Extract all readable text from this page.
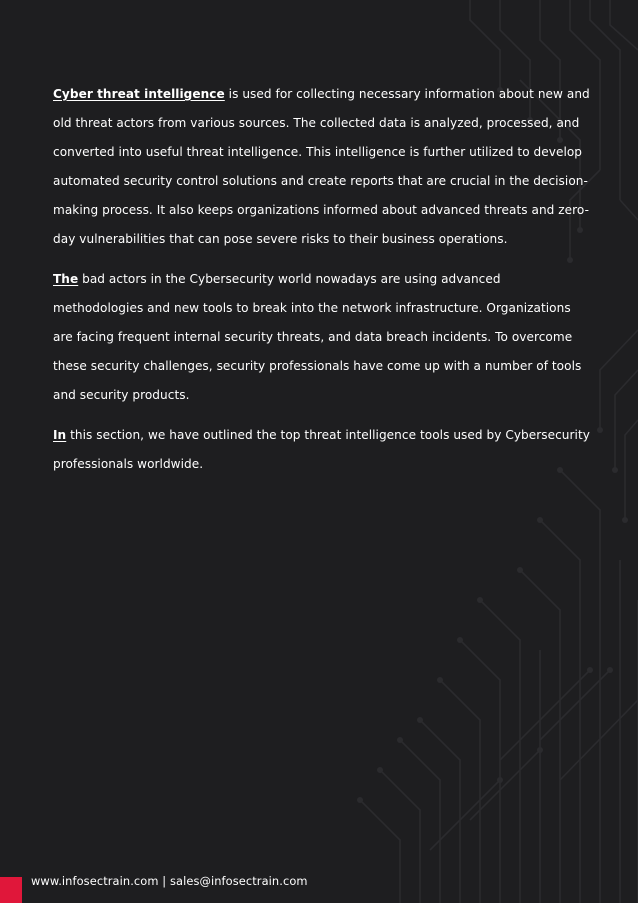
Cyber threat intelligence is used for collecting necessary information about new and old threat actors from various sources. The collected data is analyzed, processed, and converted into useful threat intelligence. This intelligence is further utilized to develop automated security control solutions and create reports that are crucial in the decision-making process. It also keeps organizations informed about advanced threats and zero-day vulnerabilities that can pose severe risks to their business operations.

The bad actors in the Cybersecurity world nowadays are using advanced methodologies and new tools to break into the network infrastructure. Organizations are facing frequent internal security threats, and data breach incidents. To overcome these security challenges, security professionals have come up with a number of tools and security products.

In this section, we have outlined the top threat intelligence tools used by Cybersecurity professionals worldwide.

www.infosectrain.com | sales@infosectrain.com
